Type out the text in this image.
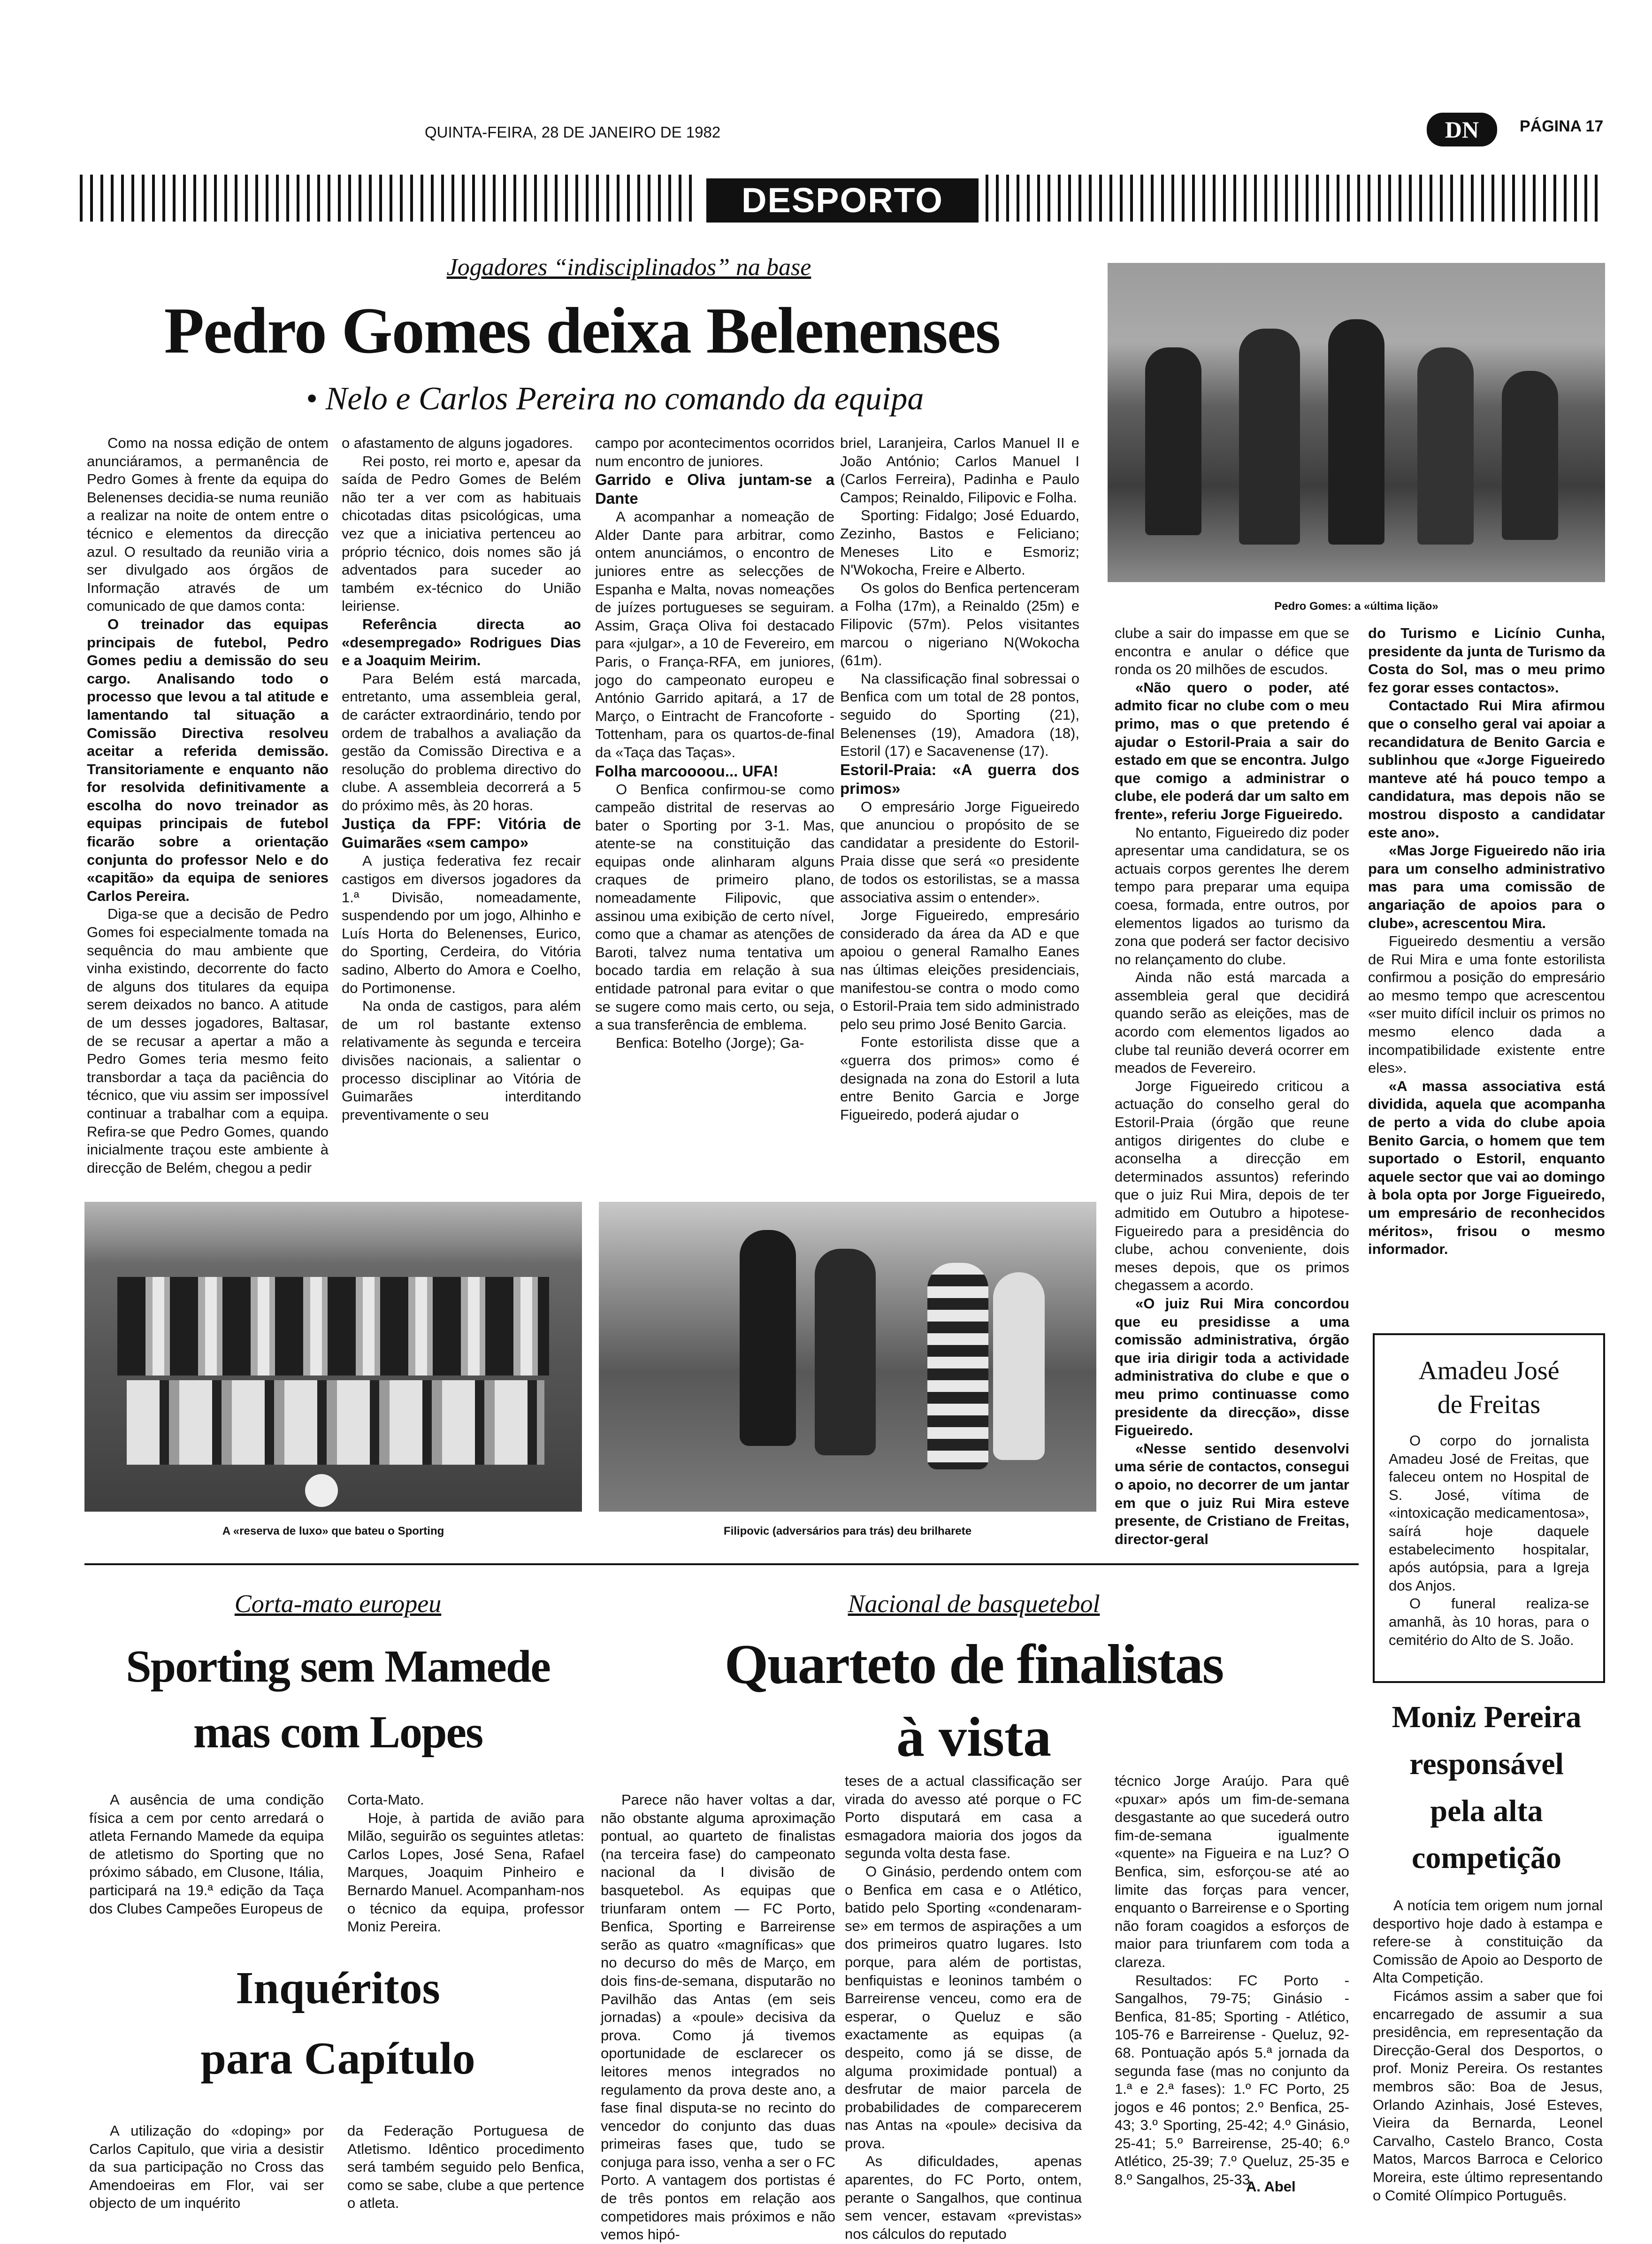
QUINTA-FEIRA, 28 DE JANEIRO DE 1982	DN	PÁGINA 17
DESPORTO
Jogadores “indisciplinados” na base
Pedro Gomes deixa Belenenses
• Nelo e Carlos Pereira no comando da equipa
Pedro Gomes: a «última lição»

Como na nossa edição de ontem anunciáramos, a permanência de Pedro Gomes à frente da equipa do Belenenses decidia-se numa reunião a realizar na noite de ontem entre o técnico e elementos da direcção azul. O resultado da reunião viria a ser divulgado aos órgãos de Informação através de um comunicado de que damos conta:

O treinador das equipas principais de futebol, Pedro Gomes pediu a demissão do seu cargo. Analisando todo o processo que levou a tal atitude e lamentando tal situação a Comissão Directiva resolveu aceitar a referida demissão. Transitoriamente e enquanto não for resolvida definitivamente a escolha do novo treinador as equipas principais de futebol ficarão sobre a orientação conjunta do professor Nelo e do «capitão» da equipa de seniores Carlos Pereira.

Diga-se que a decisão de Pedro Gomes foi especialmente tomada na sequência do mau ambiente que vinha existindo, decorrente do facto de alguns dos titulares da equipa serem deixados no banco. A atitude de um desses jogadores, Baltasar, de se recusar a apertar a mão a Pedro Gomes teria mesmo feito transbordar a taça da paciência do técnico, que viu assim ser impossível continuar a trabalhar com a equipa. Refira-se que Pedro Gomes, quando inicialmente traçou este ambiente à direcção de Belém, chegou a pedir

o afastamento de alguns jogadores.

Rei posto, rei morto e, apesar da saída de Pedro Gomes de Belém não ter a ver com as habituais chicotadas ditas psicológicas, uma vez que a iniciativa pertenceu ao próprio técnico, dois nomes são já adventados para suceder ao também ex-técnico do União leiriense.

Referência directa ao «desempregado» Rodrigues Dias e a Joaquim Meirim.

Para Belém está marcada, entretanto, uma assembleia geral, de carácter extraordinário, tendo por ordem de trabalhos a avaliação da gestão da Comissão Directiva e a resolução do problema directivo do clube. A assembleia decorrerá a 5 do próximo mês, às 20 horas.

Justiça da FPF: Vitória de Guimarães «sem campo»

A justiça federativa fez recair castigos em diversos jogadores da 1.ª Divisão, nomeadamente, suspendendo por um jogo, Alhinho e Luís Horta do Belenenses, Eurico, do Sporting, Cerdeira, do Vitória sadino, Alberto do Amora e Coelho, do Portimonense.

Na onda de castigos, para além de um rol bastante extenso relativamente às segunda e terceira divisões nacionais, a salientar o processo disciplinar ao Vitória de Guimarães interditando preventivamente o seu

campo por acontecimentos ocorridos num encontro de juniores.

Garrido e Oliva juntam-se a Dante

A acompanhar a nomeação de Alder Dante para arbitrar, como ontem anunciámos, o encontro de juniores entre as selecções de Espanha e Malta, novas nomeações de juízes portugueses se seguiram. Assim, Graça Oliva foi destacado para «julgar», a 10 de Fevereiro, em Paris, o França-RFA, em juniores, jogo do campeonato europeu e António Garrido apitará, a 17 de Março, o Eintracht de Francoforte - Tottenham, para os quartos-de-final da «Taça das Taças».

Folha marcoooou... UFA!

O Benfica confirmou-se como campeão distrital de reservas ao bater o Sporting por 3-1. Mas, atente-se na constituição das equipas onde alinharam alguns craques de primeiro plano, nomeadamente Filipovic, que assinou uma exibição de certo nível, como que a chamar as atenções de Baroti, talvez numa tentativa um bocado tardia em relação à sua entidade patronal para evitar o que se sugere como mais certo, ou seja, a sua transferência de emblema.

Benfica: Botelho (Jorge); Ga-

briel, Laranjeira, Carlos Manuel II e João António; Carlos Manuel I (Carlos Ferreira), Padinha e Paulo Campos; Reinaldo, Filipovic e Folha.

Sporting: Fidalgo; José Eduardo, Zezinho, Bastos e Feliciano; Meneses Lito e Esmoriz; N'Wokocha, Freire e Alberto.

Os golos do Benfica pertenceram a Folha (17m), a Reinaldo (25m) e Filipovic (57m). Pelos visitantes marcou o nigeriano N(Wokocha (61m).

Na classificação final sobressai o Benfica com um total de 28 pontos, seguido do Sporting (21), Belenenses (19), Amadora (18), Estoril (17) e Sacavenense (17).

Estoril-Praia: «A guerra dos primos»

O empresário Jorge Figueiredo que anunciou o propósito de se candidatar a presidente do Estoril-Praia disse que será «o presidente de todos os estorilistas, se a massa associativa assim o entender».

Jorge Figueiredo, empresário considerado da área da AD e que apoiou o general Ramalho Eanes nas últimas eleições presidenciais, manifestou-se contra o modo como o Estoril-Praia tem sido administrado pelo seu primo José Benito Garcia.

Fonte estorilista disse que a «guerra dos primos» como é designada na zona do Estoril a luta entre Benito Garcia e Jorge Figueiredo, poderá ajudar o

clube a sair do impasse em que se encontra e anular o défice que ronda os 20 milhões de escudos.

«Não quero o poder, até admito ficar no clube com o meu primo, mas o que pretendo é ajudar o Estoril-Praia a sair do estado em que se encontra. Julgo que comigo a administrar o clube, ele poderá dar um salto em frente», referiu Jorge Figueiredo.

No entanto, Figueiredo diz poder apresentar uma candidatura, se os actuais corpos gerentes lhe derem tempo para preparar uma equipa coesa, formada, entre outros, por elementos ligados ao turismo da zona que poderá ser factor decisivo no relançamento do clube.

Ainda não está marcada a assembleia geral que decidirá quando serão as eleições, mas de acordo com elementos ligados ao clube tal reunião deverá ocorrer em meados de Fevereiro.

Jorge Figueiredo criticou a actuação do conselho geral do Estoril-Praia (órgão que reune antigos dirigentes do clube e aconselha a direcção em determinados assuntos) referindo que o juiz Rui Mira, depois de ter admitido em Outubro a hipotese-Figueiredo para a presidência do clube, achou conveniente, dois meses depois, que os primos chegassem a acordo.

«O juiz Rui Mira concordou que eu presidisse a uma comissão administrativa, órgão que iria dirigir toda a actividade administrativa do clube e que o meu primo continuasse como presidente da direcção», disse Figueiredo.

«Nesse sentido desenvolvi uma série de contactos, consegui o apoio, no decorrer de um jantar em que o juiz Rui Mira esteve presente, de Cristiano de Freitas, director-geral

do Turismo e Licínio Cunha, presidente da junta de Turismo da Costa do Sol, mas o meu primo fez gorar esses contactos».

Contactado Rui Mira afirmou que o conselho geral vai apoiar a recandidatura de Benito Garcia e sublinhou que «Jorge Figueiredo manteve até há pouco tempo a candidatura, mas depois não se mostrou disposto a candidatar este ano».

«Mas Jorge Figueiredo não iria para um conselho administrativo mas para uma comissão de angariação de apoios para o clube», acrescentou Mira.

Figueiredo desmentiu a versão de Rui Mira e uma fonte estorilista confirmou a posição do empresário ao mesmo tempo que acrescentou «ser muito difícil incluir os primos no mesmo elenco dada a incompatibilidade existente entre eles».

«A massa associativa está dividida, aquela que acompanha de perto a vida do clube apoia Benito Garcia, o homem que tem suportado o Estoril, enquanto aquele sector que vai ao domingo à bola opta por Jorge Figueiredo, um empresário de reconhecidos méritos», frisou o mesmo informador.

A «reserva de luxo» que bateu o Sporting	Filipovic (adversários para trás) deu brilharete
Amadeu José
de Freitas

O corpo do jornalista Amadeu José de Freitas, que faleceu ontem no Hospital de S. José, vítima de «intoxicação medicamentosa», saírá hoje daquele estabelecimento hospitalar, após autópsia, para a Igreja dos Anjos.

O funeral realiza-se amanhã, às 10 horas, para o cemitério do Alto de S. João.

Corta-mato europeu
Sporting sem Mamede
mas com Lopes

A ausência de uma condição física a cem por cento arredará o atleta Fernando Mamede da equipa de atletismo do Sporting que no próximo sábado, em Clusone, Itália, participará na 19.ª edição da Taça dos Clubes Campeões Europeus de

Corta-Mato.

Hoje, à partida de avião para Milão, seguirão os seguintes atletas: Carlos Lopes, José Sena, Rafael Marques, Joaquim Pinheiro e Bernardo Manuel. Acompanham-nos o técnico da equipa, professor Moniz Pereira.

Inquéritos
para Capítulo

A utilização do «doping» por Carlos Capitulo, que viria a desistir da sua participação no Cross das Amendoeiras em Flor, vai ser objecto de um inquérito

da Federação Portuguesa de Atletismo. Idêntico procedimento será também seguido pelo Benfica, como se sabe, clube a que pertence o atleta.

Nacional de basquetebol
Quarteto de finalistas
à vista

Parece não haver voltas a dar, não obstante alguma aproximação pontual, ao quarteto de finalistas (na terceira fase) do campeonato nacional da I divisão de basquetebol. As equipas que triunfaram ontem — FC Porto, Benfica, Sporting e Barreirense serão as quatro «magníficas» que no decurso do mês de Março, em dois fins-de-semana, disputarão no Pavilhão das Antas (em seis jornadas) a «poule» decisiva da prova. Como já tivemos oportunidade de esclarecer os leitores menos integrados no regulamento da prova deste ano, a fase final disputa-se no recinto do vencedor do conjunto das duas primeiras fases que, tudo se conjuga para isso, venha a ser o FC Porto. A vantagem dos portistas é de três pontos em relação aos competidores mais próximos e não vemos hipó-

teses de a actual classificação ser virada do avesso até porque o FC Porto disputará em casa a esmagadora maioria dos jogos da segunda volta desta fase.

O Ginásio, perdendo ontem com o Benfica em casa e o Atlético, batido pelo Sporting «condenaram-se» em termos de aspirações a um dos primeiros quatro lugares. Isto porque, para além de portistas, benfiquistas e leoninos também o Barreirense venceu, como era de esperar, o Queluz e são exactamente as equipas (a despeito, como já se disse, de alguma proximidade pontual) a desfrutar de maior parcela de probabilidades de comparecerem nas Antas na «poule» decisiva da prova.

As dificuldades, apenas aparentes, do FC Porto, ontem, perante o Sangalhos, que continua sem vencer, estavam «previstas» nos cálculos do reputado

técnico Jorge Araújo. Para quê «puxar» após um fim-de-semana desgastante ao que sucederá outro fim-de-semana igualmente «quente» na Figueira e na Luz? O Benfica, sim, esforçou-se até ao limite das forças para vencer, enquanto o Barreirense e o Sporting não foram coagidos a esforços de maior para triunfarem com toda a clareza.

Resultados: FC Porto - Sangalhos, 79-75; Ginásio - Benfica, 81-85; Sporting - Atlético, 105-76 e Barreirense - Queluz, 92-68. Pontuação após 5.ª jornada da segunda fase (mas no conjunto da 1.ª e 2.ª fases): 1.º FC Porto, 25 jogos e 46 pontos; 2.º Benfica, 25-43; 3.º Sporting, 25-42; 4.º Ginásio, 25-41; 5.º Barreirense, 25-40; 6.º Atlético, 25-39; 7.º Queluz, 25-35 e 8.º Sangalhos, 25-33.

A. Abel
Moniz Pereira
responsável
pela alta
competição

A notícia tem origem num jornal desportivo hoje dado à estampa e refere-se à constituição da Comissão de Apoio ao Desporto de Alta Competição.

Ficámos assim a saber que foi encarregado de assumir a sua presidência, em representação da Direcção-Geral dos Desportos, o prof. Moniz Pereira. Os restantes membros são: Boa de Jesus, Orlando Azinhais, José Esteves, Vieira da Bernarda, Leonel Carvalho, Castelo Branco, Costa Matos, Marcos Barroca e Celorico Moreira, este último representando o Comité Olímpico Português.
